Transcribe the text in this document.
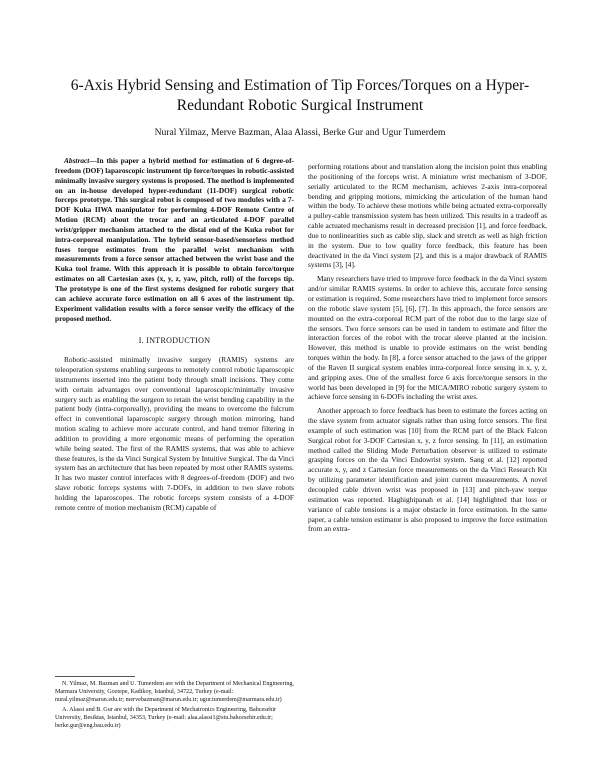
6-Axis Hybrid Sensing and Estimation of Tip Forces/Torques on a Hyper-Redundant Robotic Surgical Instrument
Nural Yilmaz, Merve Bazman, Alaa Alassi, Berke Gur and Ugur Tumerdem

Abstract—In this paper a hybrid method for estimation of 6 degree-of-freedom (DOF) laparoscopic instrument tip force/torques in robotic-assisted minimally invasive surgery systems is proposed. The method is implemented on an in-house developed hyper-redundant (11-DOF) surgical robotic forceps prototype. This surgical robot is composed of two modules with a 7-DOF Kuka IIWA manipulator for performing 4-DOF Remote Centre of Motion (RCM) about the trocar and an articulated 4-DOF parallel wrist/gripper mechanism attached to the distal end of the Kuka robot for intra-corporeal manipulation. The hybrid sensor-based/sensorless method fuses torque estimates from the parallel wrist mechanism with measurements from a force sensor attached between the wrist base and the Kuka tool frame. With this approach it is possible to obtain force/torque estimates on all Cartesian axes (x, y, z, yaw, pitch, roll) of the forceps tip. The prototype is one of the first systems designed for robotic surgery that can achieve accurate force estimation on all 6 axes of the instrument tip. Experiment validation results with a force sensor verify the efficacy of the proposed method.

I. INTRODUCTION

Robotic-assisted minimally invasive surgery (RAMIS) systems are teleoperation systems enabling surgeons to remotely control robotic laparoscopic instruments inserted into the patient body through small incisions. They come with certain advantages over conventional laparoscopic/minimally invasive surgery such as enabling the surgeon to retain the wrist bending capability in the patient body (intra-corporeally), providing the means to overcome the fulcrum effect in conventional laparoscopic surgery through motion mirroring, hand motion scaling to achieve more accurate control, and hand tremor filtering in addition to providing a more ergonomic means of performing the operation while being seated. The first of the RAMIS systems, that was able to achieve these features, is the da Vinci Surgical System by Intuitive Surgical. The da Vinci system has an architecture that has been repeated by most other RAMIS systems. It has two master control interfaces with 8 degrees-of-freedom (DOF) and two slave robotic forceps systems with 7-DOFs, in addition to two slave robots holding the laparoscopes. The robotic forceps system consists of a 4-DOF remote centre of motion mechanism (RCM) capable of

N. Yilmaz, M. Bazman and U. Tumerdem are with the Department of Mechanical Engineering, Marmara University, Goztepe, Kadikoy, Istanbul, 34722, Turkey (e-mail: nural.yilmaz@marun.edu.tr; mervebazman@marun.edu.tr; ugur.tumerdem@marmara.edu.tr)

A. Alassi and B. Gur are with the Department of Mechatronics Engineering, Bahcesehir University, Besiktas, Istanbul, 34353, Turkey (e-mail: alaa.alassi1@stu.bahcesehir.edu.tr; berke.gur@eng.bau.edu.tr)

performing rotations about and translation along the incision point thus enabling the positioning of the forceps wrist. A miniature wrist mechanism of 3-DOF, serially articulated to the RCM mechanism, achieves 2-axis intra-corporeal bending and gripping motions, mimicking the articulation of the human hand within the body. To achieve these motions while being actuated extra-corporeally a pulley-cable transmission system has been utilized. This results in a tradeoff as cable actuated mechanisms result in decreased precision [1], and force feedback, due to nonlinearities such as cable slip, slack and stretch as well as high friction in the system. Due to low quality force feedback, this feature has been deactivated in the da Vinci system [2], and this is a major drawback of RAMIS systems [3], [4].

Many researchers have tried to improve force feedback in the da Vinci system and/or similar RAMIS systems. In order to achieve this, accurate force sensing or estimation is required. Some researchers have tried to implement force sensors on the robotic slave system [5], [6], [7]. In this approach, the force sensors are mounted on the extra-corporeal RCM part of the robot due to the large size of the sensors. Two force sensors can be used in tandem to estimate and filter the interaction forces of the robot with the trocar sleeve planted at the incision. However, this method is unable to provide estimates on the wrist bending torques within the body. In [8], a force sensor attached to the jaws of the gripper of the Raven II surgical system enables intra-corporeal force sensing in x, y, z, and gripping axes. One of the smallest force 6 axis force/torque sensors in the world has been developed in [9] for the MICA/MIRO robotic surgery system to achieve force sensing in 6-DOFs including the wrist axes.

Another approach to force feedback has been to estimate the forces acting on the slave system from actuator signals rather than using force sensors. The first example of such estimation was [10] from the RCM part of the Black Falcon Surgical robot for 3-DOF Cartesian x, y, z force sensing. In [11], an estimation method called the Sliding Mode Perturbation observer is utilized to estimate grasping forces on the da Vinci Endowrist system. Sang et al. [12] reported accurate x, y, and z Cartesian force measurements on the da Vinci Research Kit by utilizing parameter identification and joint current measurements. A novel decoupled cable driven wrist was proposed in [13] and pitch-yaw torque estimation was reported. Haghighipanah et al. [14] highlighted that loss or variance of cable tensions is a major obstacle in force estimation. In the same paper, a cable tension estimator is also proposed to improve the force estimation from an extra-
